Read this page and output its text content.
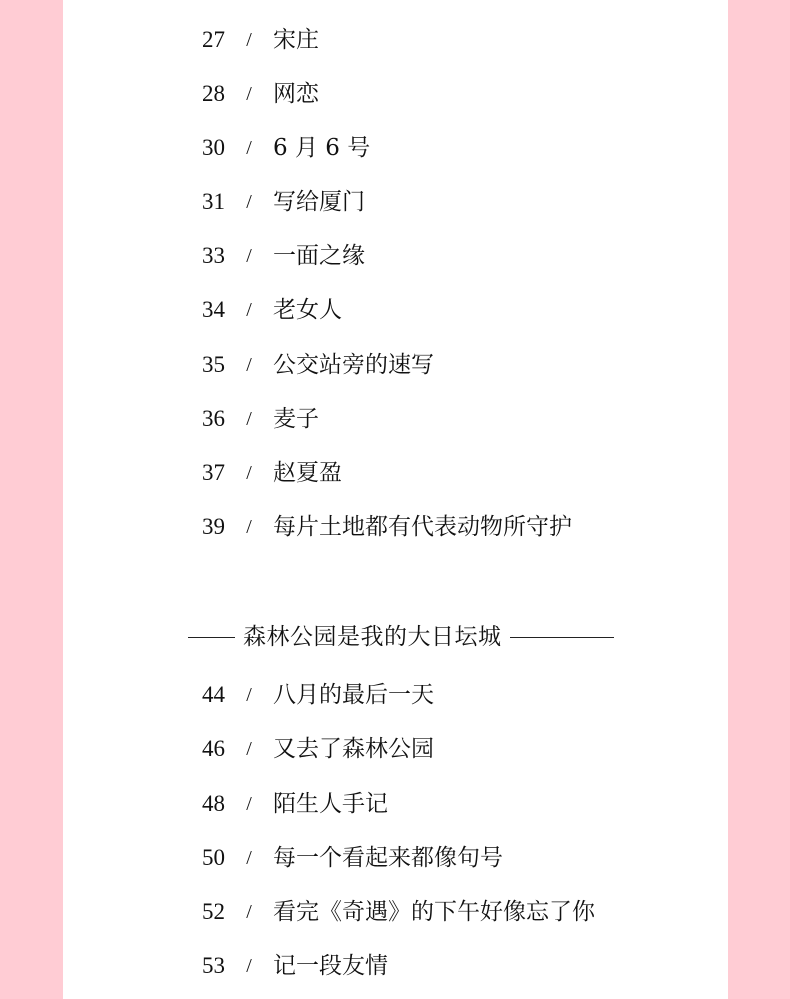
27	/ 宋庄
28	/ 网恋
30	/ 6 月 6 号
31	/ 写给厦门
33	/ 一面之缘
34	/ 老女人
35	/ 公交站旁的速写
36	/ 麦子
37	/ 赵夏盈
39	/ 每片土地都有代表动物所守护
森林公园是我的大日坛城
44	/ 八月的最后一天
46	/ 又去了森林公园
48	/ 陌生人手记
50	/ 每一个看起来都像句号
52	/ 看完《奇遇》的下午好像忘了你
53	/ 记一段友情
